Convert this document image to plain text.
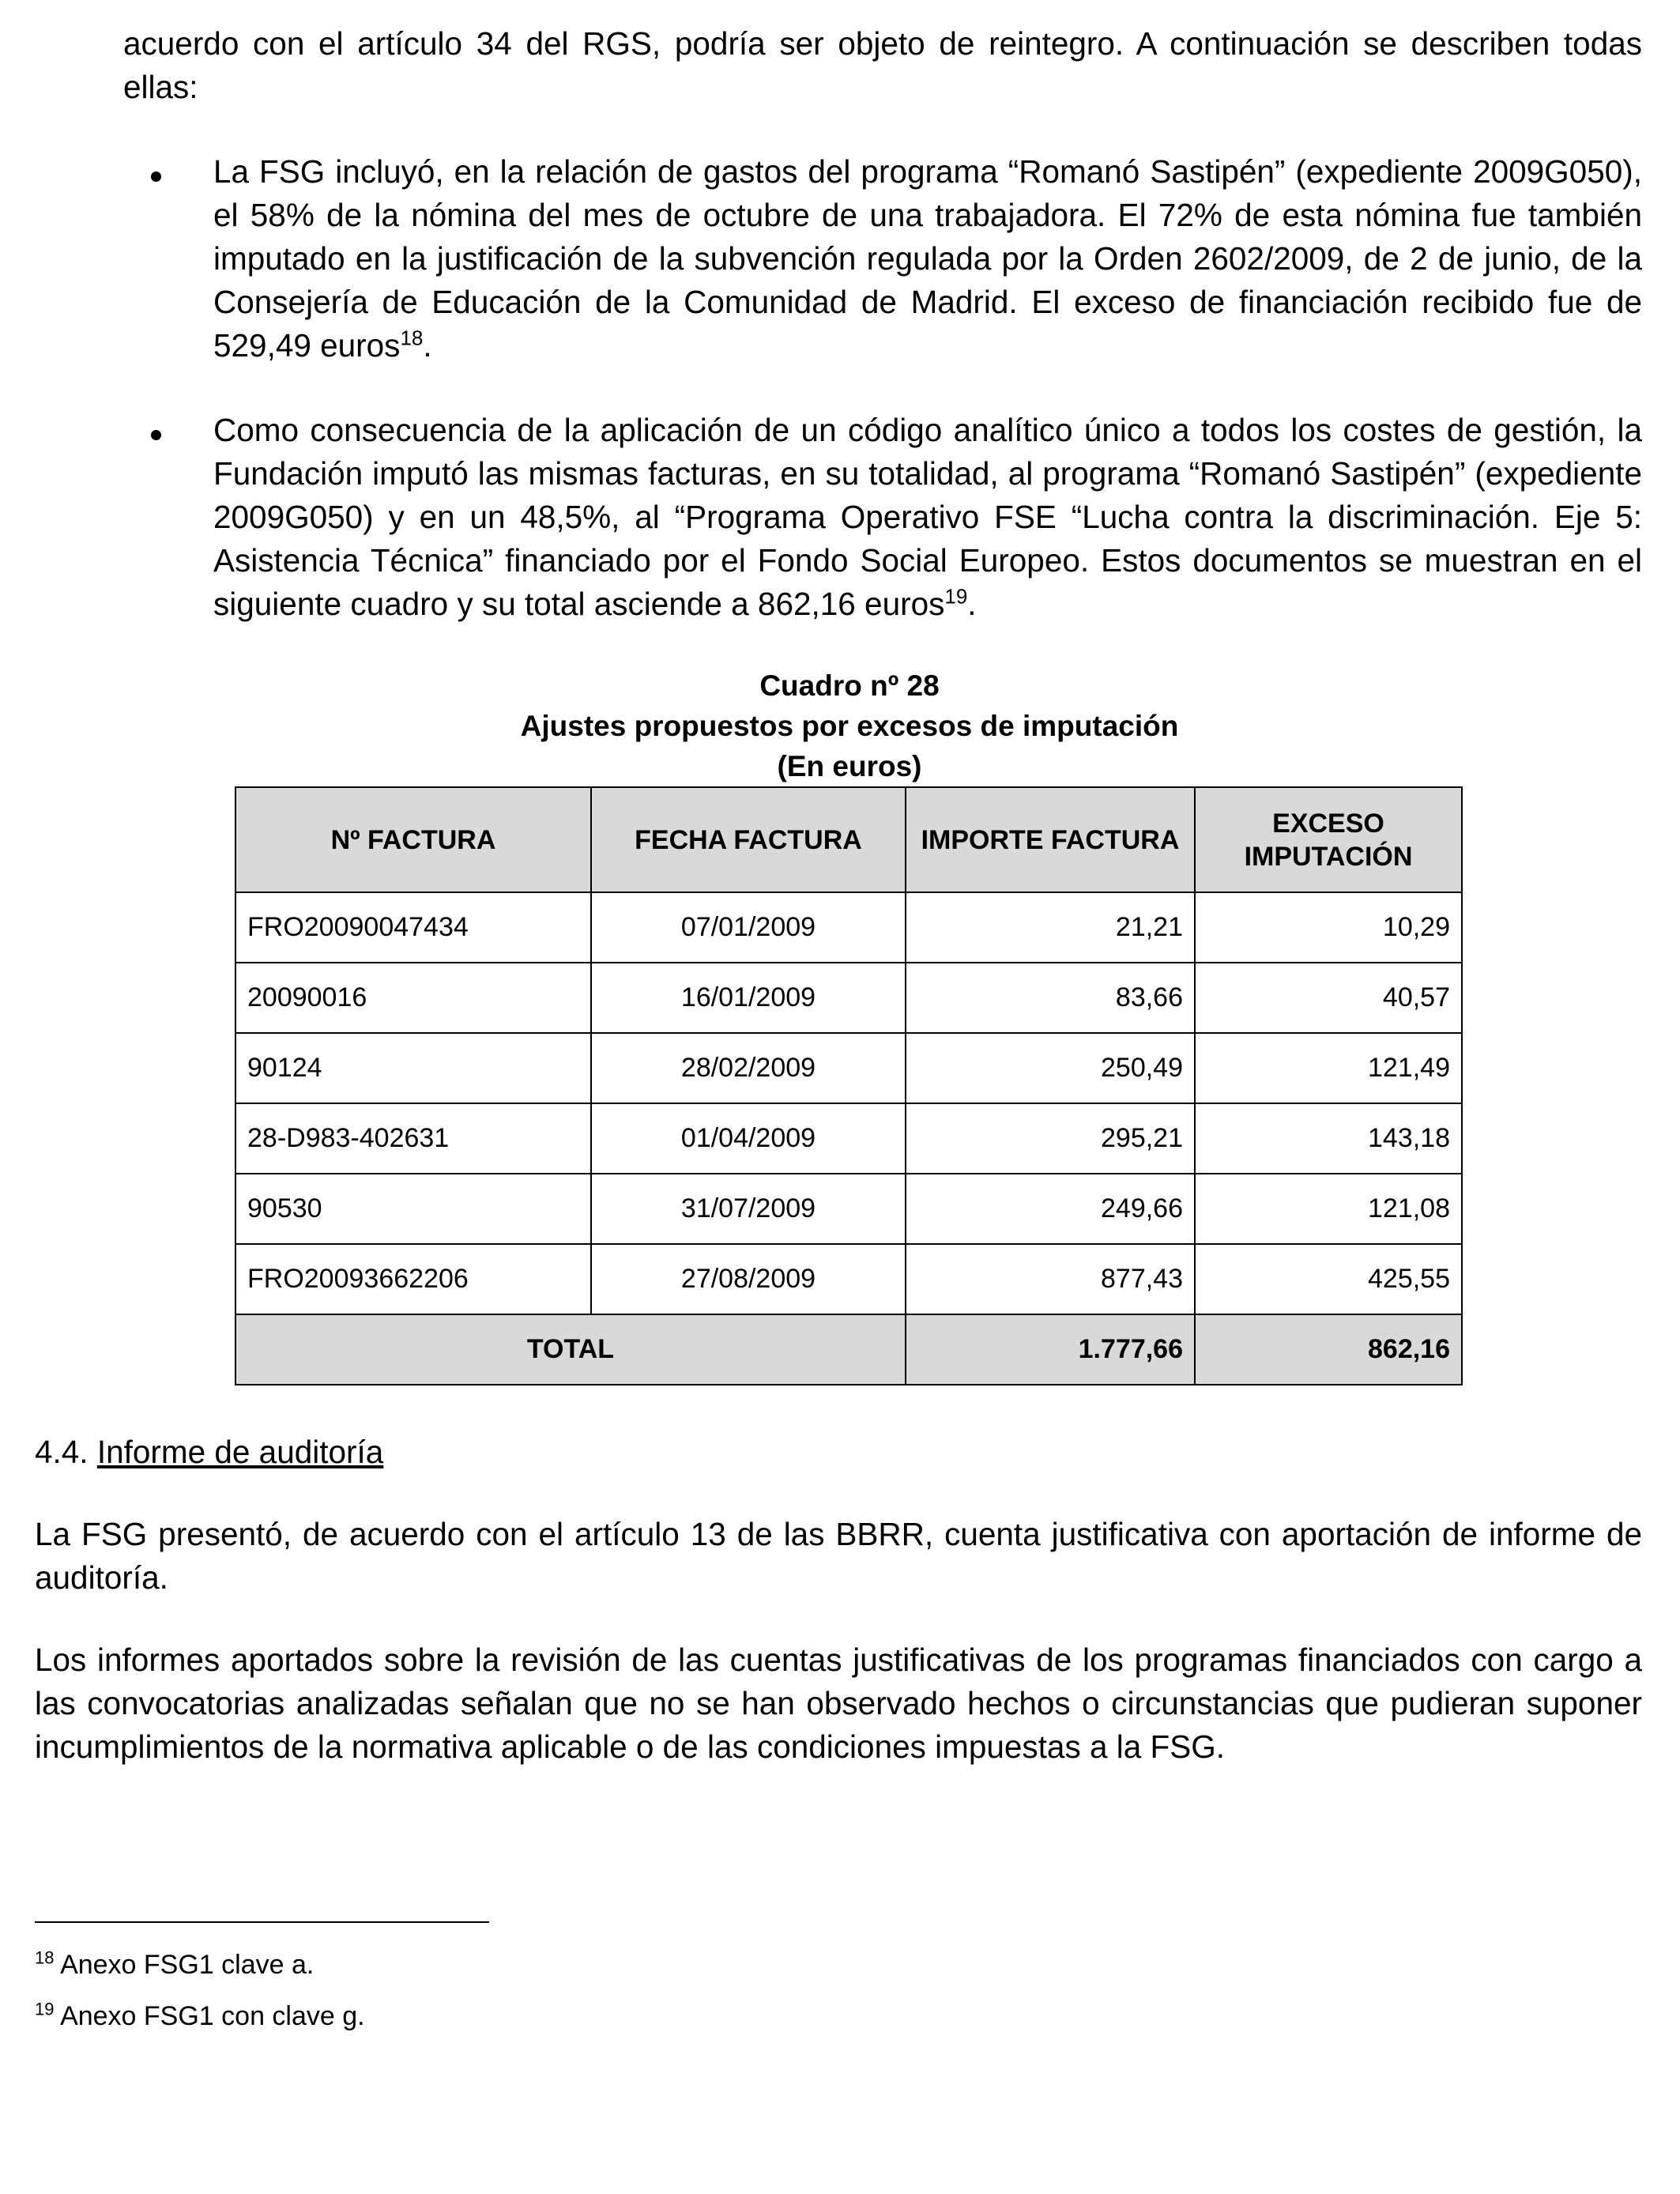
acuerdo con el artículo 34 del RGS, podría ser objeto de reintegro. A continuación se describen todas ellas:

La FSG incluyó, en la relación de gastos del programa “Romanó Sastipén” (expediente 2009G050), el 58% de la nómina del mes de octubre de una trabajadora. El 72% de esta nómina fue también imputado en la justificación de la subvención regulada por la Orden 2602/2009, de 2 de junio, de la Consejería de Educación de la Comunidad de Madrid. El exceso de financiación recibido fue de 529,49 euros$^{18}$.

Como consecuencia de la aplicación de un código analítico único a todos los costes de gestión, la Fundación imputó las mismas facturas, en su totalidad, al programa “Romanó Sastipén” (expediente 2009G050) y en un 48,5%, al “Programa Operativo FSE “Lucha contra la discriminación. Eje 5: Asistencia Técnica” financiado por el Fondo Social Europeo. Estos documentos se muestran en el siguiente cuadro y su total asciende a 862,16 euros$^{19}$.

Cuadro nº 28
Ajustes propuestos por excesos de imputación
(En euros)
Nº FACTURA	FECHA FACTURA	IMPORTE FACTURA	EXCESO IMPUTACIÓN
FRO20090047434	07/01/2009	21,21	10,29
20090016	16/01/2009	83,66	40,57
90124	28/02/2009	250,49	121,49
28-D983-402631	01/04/2009	295,21	143,18
90530	31/07/2009	249,66	121,08
FRO20093662206	27/08/2009	877,43	425,55
TOTAL		1.777,66	862,16
4.4. Informe de auditoría

La FSG presentó, de acuerdo con el artículo 13 de las BBRR, cuenta justificativa con aportación de informe de auditoría.

Los informes aportados sobre la revisión de las cuentas justificativas de los programas financiados con cargo a las convocatorias analizadas señalan que no se han observado hechos o circunstancias que pudieran suponer incumplimientos de la normativa aplicable o de las condiciones impuestas a la FSG.

$^{18}$ Anexo FSG1 clave a.
$^{19}$ Anexo FSG1 con clave g.
